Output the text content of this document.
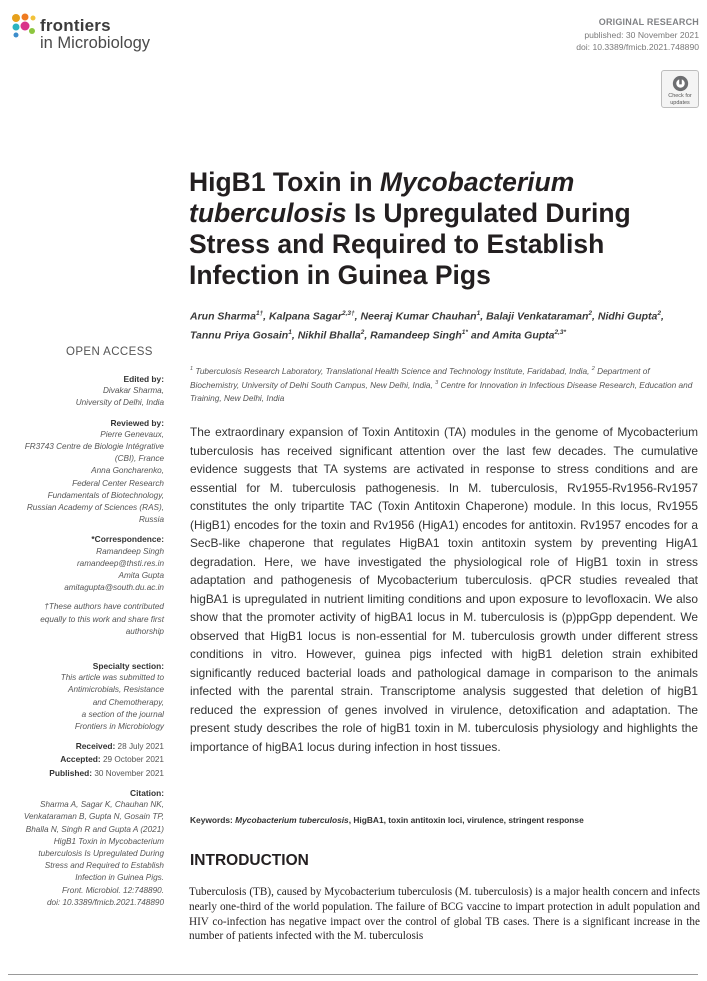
frontiers
in Microbiology
ORIGINAL RESEARCH
published: 30 November 2021
doi: 10.3389/fmicb.2021.748890
Check for
updates
HigB1 Toxin in Mycobacterium tuberculosis Is Upregulated During Stress and Required to Establish Infection in Guinea Pigs
Arun Sharma$^{1\dagger}$, Kalpana Sagar$^{2,3\dagger}$, Neeraj Kumar Chauhan$^1$, Balaji Venkataraman$^2$, Nidhi Gupta$^2$, Tannu Priya Gosain$^1$, Nikhil Bhalla$^2$, Ramandeep Singh$^{1*}$ and Amita Gupta$^{2,3*}$
$^1$ Tuberculosis Research Laboratory, Translational Health Science and Technology Institute, Faridabad, India, $^2$ Department of Biochemistry, University of Delhi South Campus, New Delhi, India, $^3$ Centre for Innovation in Infectious Disease Research, Education and Training, New Delhi, India
OPEN ACCESS
Edited by:
Divakar Sharma,
University of Delhi, India
Reviewed by:
Pierre Genevaux,
FR3743 Centre de Biologie Intégrative
(CBI), France
Anna Goncharenko,
Federal Center Research
Fundamentals of Biotechnology,
Russian Academy of Sciences (RAS),
Russia
*Correspondence:
Ramandeep Singh
ramandeep@thsti.res.in
Amita Gupta
amitagupta@south.du.ac.in
†These authors have contributed
equally to this work and share first
authorship
Specialty section:
This article was submitted to
Antimicrobials, Resistance
and Chemotherapy,
a section of the journal
Frontiers in Microbiology
Received: 28 July 2021
Accepted: 29 October 2021
Published: 30 November 2021
Citation:
Sharma A, Sagar K, Chauhan NK,
Venkataraman B, Gupta N, Gosain TP,
Bhalla N, Singh R and Gupta A (2021)
HigB1 Toxin in Mycobacterium
tuberculosis Is Upregulated During
Stress and Required to Establish
Infection in Guinea Pigs.
Front. Microbiol. 12:748890.
doi: 10.3389/fmicb.2021.748890

The extraordinary expansion of Toxin Antitoxin (TA) modules in the genome of Mycobacterium tuberculosis has received significant attention over the last few decades. The cumulative evidence suggests that TA systems are activated in response to stress conditions and are essential for M. tuberculosis pathogenesis. In M. tuberculosis, Rv1955-Rv1956-Rv1957 constitutes the only tripartite TAC (Toxin Antitoxin Chaperone) module. In this locus, Rv1955 (HigB1) encodes for the toxin and Rv1956 (HigA1) encodes for antitoxin. Rv1957 encodes for a SecB-like chaperone that regulates HigBA1 toxin antitoxin system by preventing HigA1 degradation. Here, we have investigated the physiological role of HigB1 toxin in stress adaptation and pathogenesis of Mycobacterium tuberculosis. qPCR studies revealed that higBA1 is upregulated in nutrient limiting conditions and upon exposure to levofloxacin. We also show that the promoter activity of higBA1 locus in M. tuberculosis is (p)ppGpp dependent. We observed that HigB1 locus is non-essential for M. tuberculosis growth under different stress conditions in vitro. However, guinea pigs infected with higB1 deletion strain exhibited significantly reduced bacterial loads and pathological damage in comparison to the animals infected with the parental strain. Transcriptome analysis suggested that deletion of higB1 reduced the expression of genes involved in virulence, detoxification and adaptation. The present study describes the role of higB1 toxin in M. tuberculosis physiology and highlights the importance of higBA1 locus during infection in host tissues.

Keywords: Mycobacterium tuberculosis, HigBA1, toxin antitoxin loci, virulence, stringent response
INTRODUCTION
Tuberculosis (TB), caused by Mycobacterium tuberculosis (M. tuberculosis) is a major health concern and infects nearly one-third of the world population. The failure of BCG vaccine to impart protection in adult population and HIV co-infection has negative impact over the control of global TB cases. There is a significant increase in the number of patients infected with the M. tuberculosis
